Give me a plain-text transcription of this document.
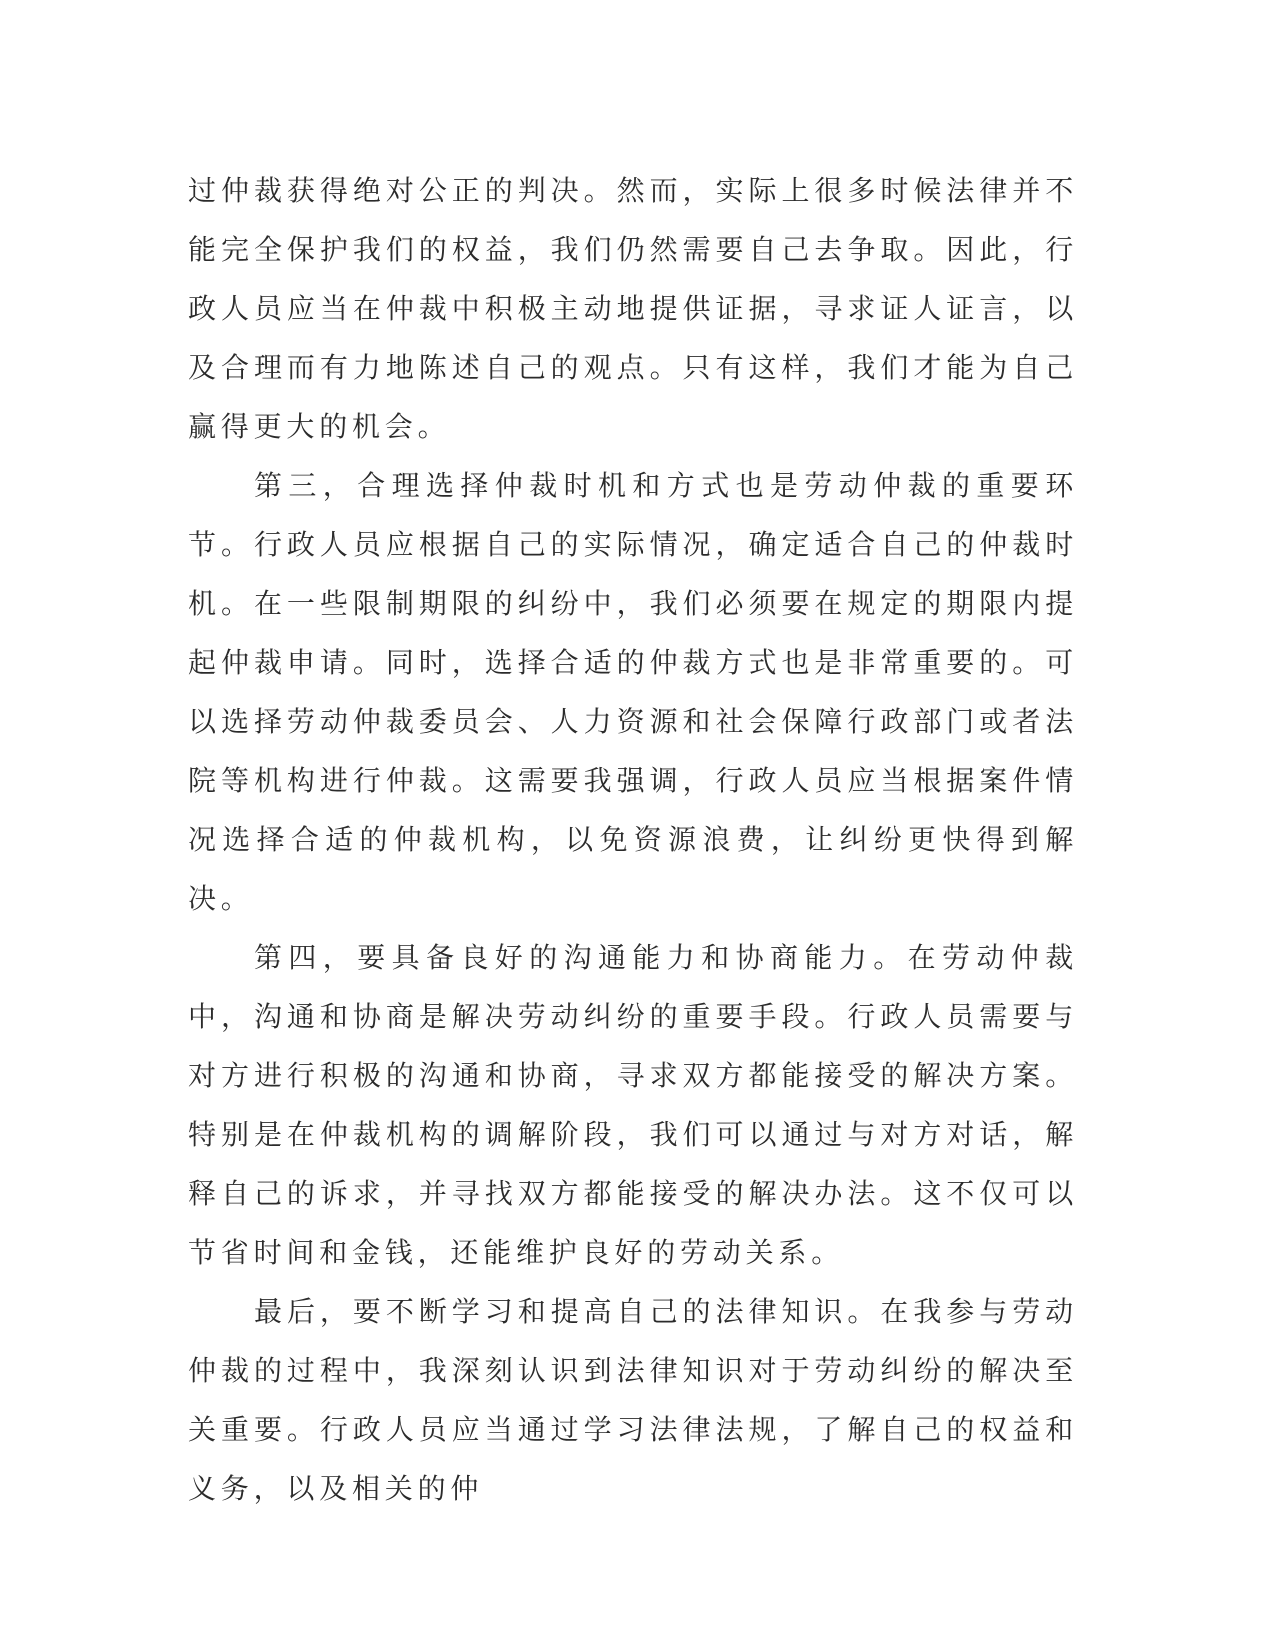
过仲裁获得绝对公正的判决。然而，实际上很多时候法律并不能完全保护我们的权益，我们仍然需要自己去争取。因此，行政人员应当在仲裁中积极主动地提供证据，寻求证人证言，以及合理而有力地陈述自己的观点。只有这样，我们才能为自己赢得更大的机会。

第三，合理选择仲裁时机和方式也是劳动仲裁的重要环节。行政人员应根据自己的实际情况，确定适合自己的仲裁时机。在一些限制期限的纠纷中，我们必须要在规定的期限内提起仲裁申请。同时，选择合适的仲裁方式也是非常重要的。可以选择劳动仲裁委员会、人力资源和社会保障行政部门或者法院等机构进行仲裁。这需要我强调，行政人员应当根据案件情况选择合适的仲裁机构，以免资源浪费，让纠纷更快得到解决。

第四，要具备良好的沟通能力和协商能力。在劳动仲裁中，沟通和协商是解决劳动纠纷的重要手段。行政人员需要与对方进行积极的沟通和协商，寻求双方都能接受的解决方案。特别是在仲裁机构的调解阶段，我们可以通过与对方对话，解释自己的诉求，并寻找双方都能接受的解决办法。这不仅可以节省时间和金钱，还能维护良好的劳动关系。

最后，要不断学习和提高自己的法律知识。在我参与劳动仲裁的过程中，我深刻认识到法律知识对于劳动纠纷的解决至关重要。行政人员应当通过学习法律法规，了解自己的权益和义务，以及相关的仲
